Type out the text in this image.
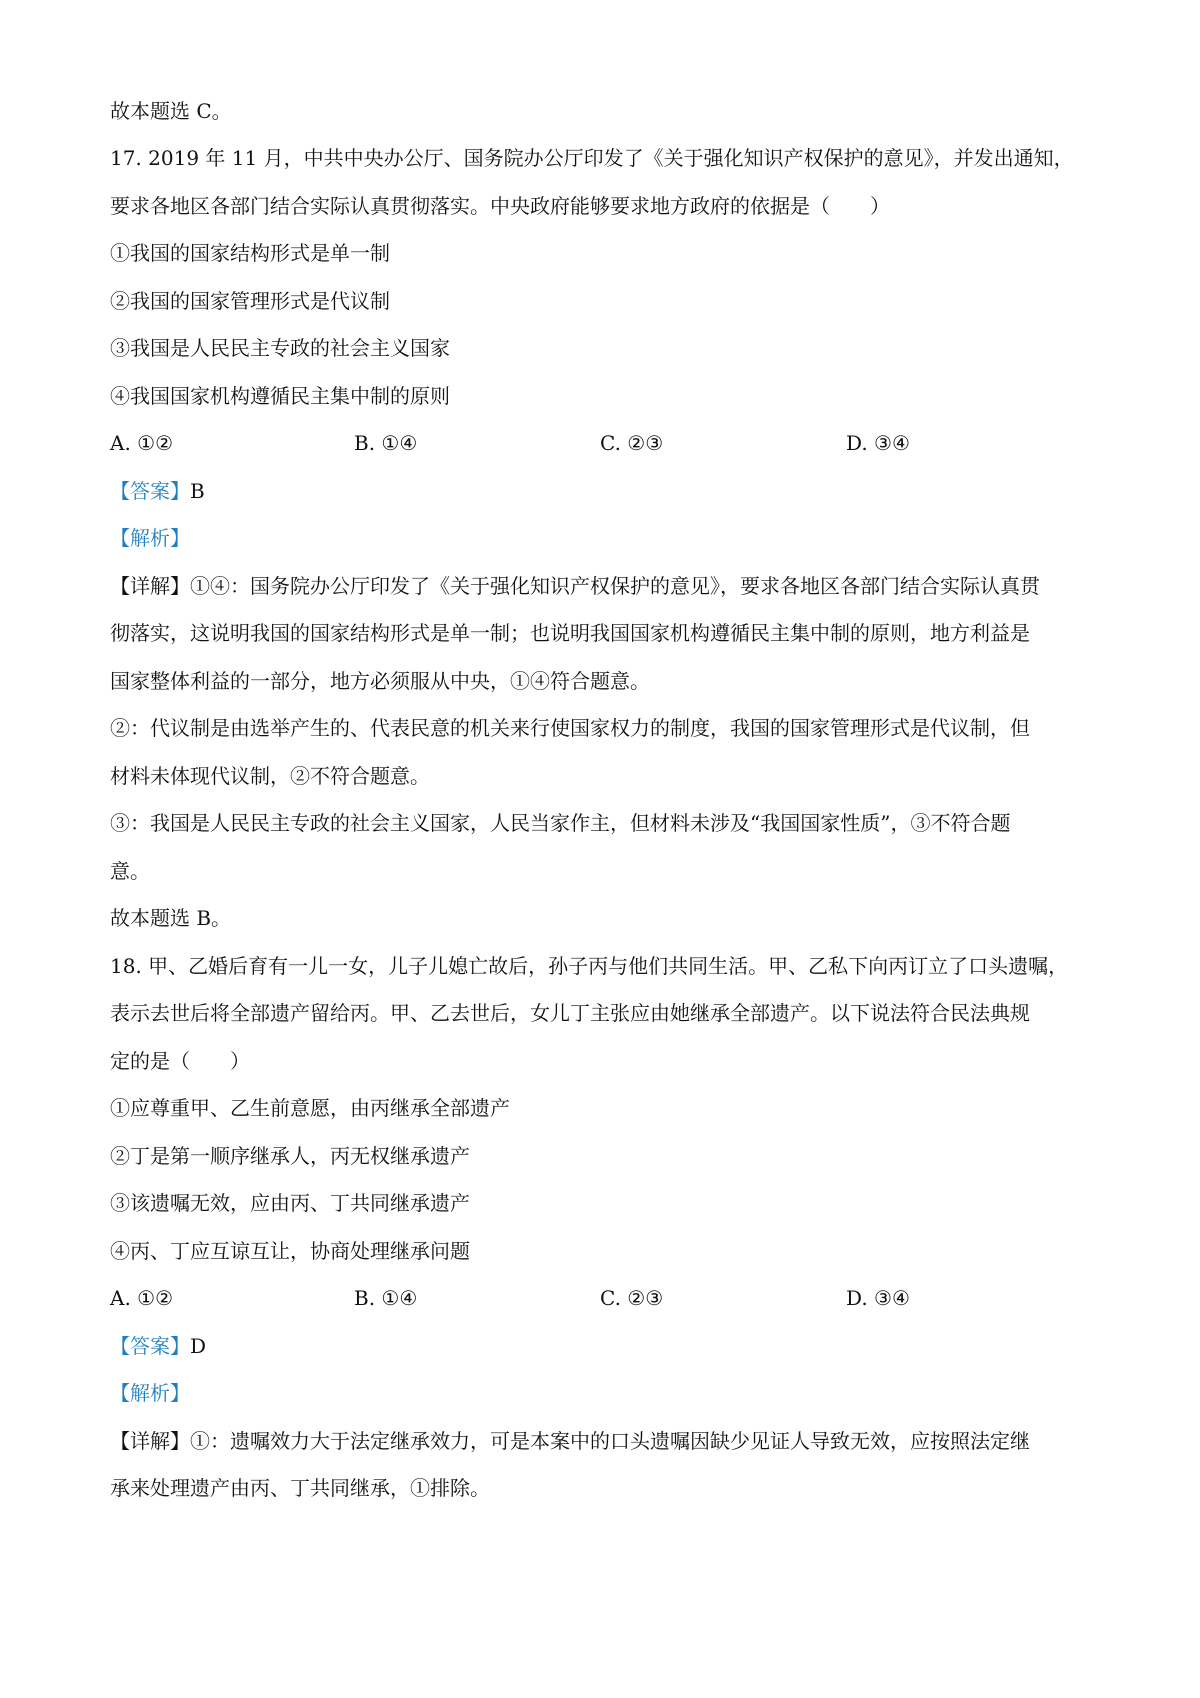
故本题选 C。
17. 2019 年 11 月，中共中央办公厅、国务院办公厅印发了《关于强化知识产权保护的意见》，并发出通知，
要求各地区各部门结合实际认真贯彻落实。中央政府能够要求地方政府的依据是（　　）
①我国的国家结构形式是单一制
②我国的国家管理形式是代议制
③我国是人民民主专政的社会主义国家
④我国国家机构遵循民主集中制的原则
A. ①②	B. ①④	C. ②③	D. ③④
【答案】B
【解析】
【详解】①④：国务院办公厅印发了《关于强化知识产权保护的意见》，要求各地区各部门结合实际认真贯
彻落实，这说明我国的国家结构形式是单一制；也说明我国国家机构遵循民主集中制的原则，地方利益是
国家整体利益的一部分，地方必须服从中央，①④符合题意。
②：代议制是由选举产生的、代表民意的机关来行使国家权力的制度，我国的国家管理形式是代议制，但
材料未体现代议制，②不符合题意。
③：我国是人民民主专政的社会主义国家，人民当家作主，但材料未涉及“我国国家性质”，③不符合题
意。
故本题选 B。
18. 甲、乙婚后育有一儿一女，儿子儿媳亡故后，孙子丙与他们共同生活。甲、乙私下向丙订立了口头遗嘱，
表示去世后将全部遗产留给丙。甲、乙去世后，女儿丁主张应由她继承全部遗产。以下说法符合民法典规
定的是（　　）
①应尊重甲、乙生前意愿，由丙继承全部遗产
②丁是第一顺序继承人，丙无权继承遗产
③该遗嘱无效，应由丙、丁共同继承遗产
④丙、丁应互谅互让，协商处理继承问题
A. ①②	B. ①④	C. ②③	D. ③④
【答案】D
【解析】
【详解】①：遗嘱效力大于法定继承效力，可是本案中的口头遗嘱因缺少见证人导致无效，应按照法定继
承来处理遗产由丙、丁共同继承，①排除。
